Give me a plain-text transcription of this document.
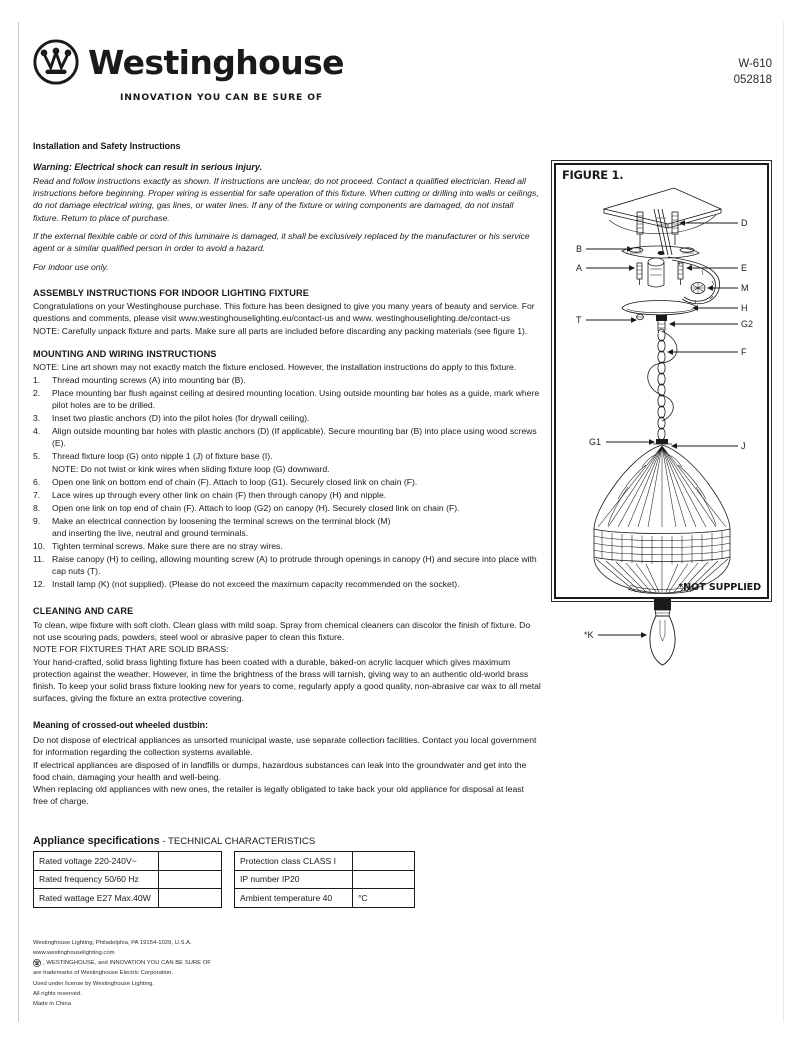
Westinghouse
INNOVATION YOU CAN BE SURE OF
W-610
052818
Installation and Safety Instructions
Warning: Electrical shock can result in serious injury.

Read and follow instructions exactly as shown. If instructions are unclear, do not proceed. Contact a qualified electrician. Read all instructions before beginning. Proper wiring is essential for safe operation of this fixture. When cutting or drilling into walls or ceilings, do not damage electrical wiring, gas lines, or water lines. If any of the fixture or wiring components are damaged, do not install fixture. Return to place of purchase.

If the external flexible cable or cord of this luminaire is damaged, it shall be exclusively replaced by the manufacturer or his service agent or a similar qualified person in order to avoid a hazard.

For indoor use only.

ASSEMBLY INSTRUCTIONS FOR INDOOR LIGHTING FIXTURE

Congratulations on your Westinghouse purchase. This fixture has been designed to give you many years of beauty and service. For questions and comments, please visit www.westinghouselighting.eu/contact-us and www. westinghouselighting.de/contact-us

NOTE: Carefully unpack fixture and parts. Make sure all parts are included before discarding any packing materials (see figure 1).

MOUNTING AND WIRING INSTRUCTIONS

NOTE: Line art shown may not exactly match the fixture enclosed. However, the installation instructions do apply to this fixture.

1.	Thread mounting screws (A) into mounting bar (B).
2.	Place mounting bar flush against ceiling at desired mounting location. Using outside mounting bar holes as a guide, mark where pilot holes are to be drilled.
3.	Inset two plastic anchors (D) into the pilot holes (for drywall ceiling).
4.	Align outside mounting bar holes with plastic anchors (D) (If applicable). Secure mounting bar (B) into place using wood screws (E).
5.	Thread fixture loop (G) onto nipple 1 (J) of fixture base (I).
NOTE: Do not twist or kink wires when sliding fixture loop (G) downward.
6.	Open one link on bottom end of chain (F). Attach to loop (G1). Securely closed link on chain (F).
7.	Lace wires up through every other link on chain (F) then through canopy (H) and nipple.
8.	Open one link on top end of chain (F). Attach to loop (G2) on canopy (H). Securely closed link on chain (F).
9.	Make an electrical connection by loosening the terminal screws on the terminal block (M)
and inserting the live, neutral and ground terminals.
10. Tighten terminal screws. Make sure there are no stray wires.
11. Raise canopy (H) to ceiling, allowing mounting screw (A) to protrude through openings in canopy (H) and secure into place with cap nuts (T).
12. Install lamp (K) (not supplied). (Please do not exceed the maximum capacity recommended on the socket).
CLEANING AND CARE

To clean, wipe fixture with soft cloth. Clean glass with mild soap. Spray from chemical cleaners can discolor the finish of fixture. Do not use scouring pads, powders, steel wool or abrasive paper to clean this fixture.

NOTE FOR FIXTURES THAT ARE SOLID BRASS:

Your hand-crafted, solid brass lighting fixture has been coated with a durable, baked-on acrylic lacquer which gives maximum protection against the weather. However, in time the brightness of the brass will tarnish, giving way to an authentic old-world brass finish. To keep your solid brass fixture looking new for years to come, regularly apply a good quality, non-abrasive car wax to all metal surfaces, giving the fixture an extra protective covering.

Meaning of crossed-out wheeled dustbin:

Do not dispose of electrical appliances as unsorted municipal waste, use separate collection facilities. Contact you local government for information regarding the collection systems available.

If electrical appliances are disposed of in landfills or dumps, hazardous substances can leak into the groundwater and get into the food chain, damaging your health and well-being.

When replacing old appliances with new ones, the retailer is legally obligated to take back your old appliance for disposal at least free of charge.

FIGURE 1.
D
B
A	E
M
H
T	G2
F
G1	J
*K
*NOT SUPPLIED
Appliance specifications - TECHNICAL CHARACTERISTICS
Rated voltage 220-240V~	
Rated frequency 50/60 Hz	
Rated wattage E27 Max.40W	
Protection class CLASS I	
IP number IP20	
Ambient temperature 40	°C
Westinghouse Lighting, Philadelphia, PA 19154-1029, U.S.A.
www.westinghouselighting.com
, WESTINGHOUSE, and INNOVATION YOU CAN BE SURE OF
are trademarks of Westinghouse Electric Corporation.
Used under license by Westinghouse Lighting.
All rights reserved.
Made in China
